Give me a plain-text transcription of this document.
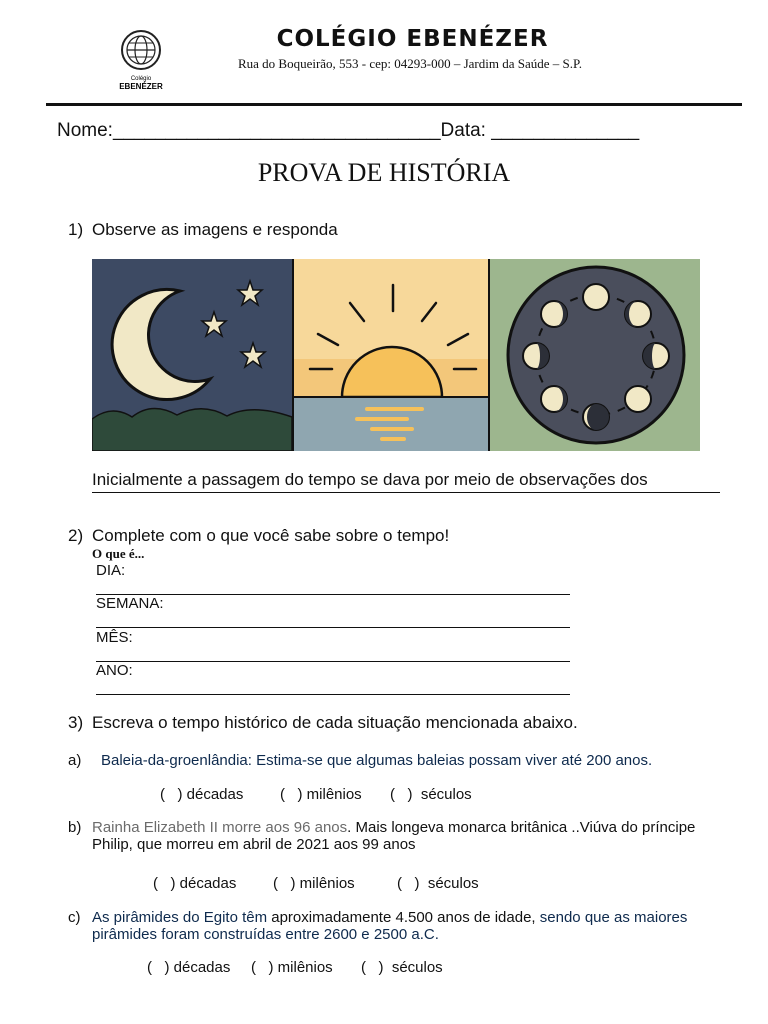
Colégio
EBENÉZER
COLÉGIO EBENÉZER
Rua do Boqueirão, 553 - cep: 04293-000 – Jardim da Saúde – S.P.
Nome:_______________________________Data: ______________
PROVA DE HISTÓRIA
1) Observe as imagens e responda
Inicialmente a passagem do tempo se dava por meio de observações dos
2) Complete com o que você sabe sobre o tempo!
O que é...
DIA:
SEMANA:
MÊS:
ANO:
3) Escreva o tempo histórico de cada situação mencionada abaixo.
a) Baleia-da-groenlândia: Estima-se que algumas baleias possam viver até 200 anos.
(   ) décadas (   ) milênios (   )  séculos
b) Rainha Elizabeth II morre aos 96 anos. Mais longeva monarca britânica ..Viúva do príncipe Philip, que morreu em abril de 2021 aos 99 anos
(   ) décadas (   ) milênios	(   )  séculos
c) As pirâmides do Egito têm aproximadamente 4.500 anos de idade, sendo que as maiores pirâmides foram construídas entre 2600 e 2500 a.C.
(   ) décadas (   ) milênios (   )  séculos
